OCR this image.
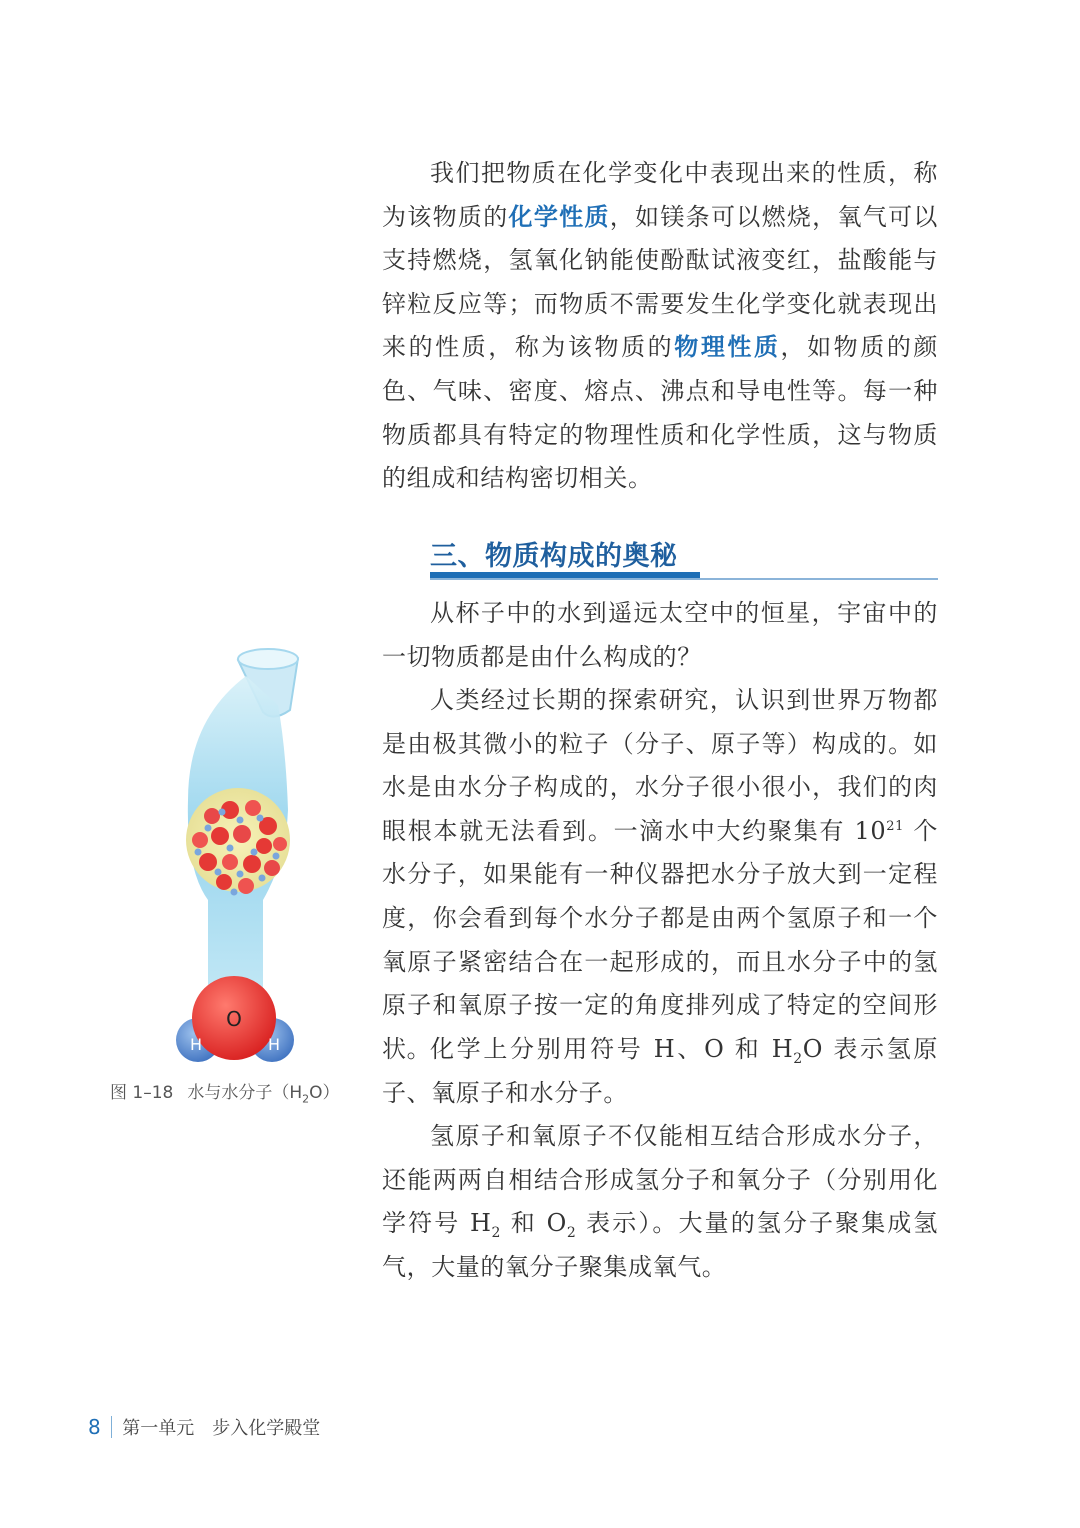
我们把物质在化学变化中表现出来的性质，称为该物质的化学性质，如镁条可以燃烧，氧气可以支持燃烧，氢氧化钠能使酚酞试液变红，盐酸能与锌粒反应等；而物质不需要发生化学变化就表现出来的性质，称为该物质的物理性质，如物质的颜色、气味、密度、熔点、沸点和导电性等。每一种物质都具有特定的物理性质和化学性质，这与物质的组成和结构密切相关。

三、物质构成的奥秘

从杯子中的水到遥远太空中的恒星，宇宙中的一切物质都是由什么构成的？

人类经过长期的探索研究，认识到世界万物都是由极其微小的粒子（分子、原子等）构成的。如水是由水分子构成的，水分子很小很小，我们的肉眼根本就无法看到。一滴水中大约聚集有 $10^{21}$ 个水分子，如果能有一种仪器把水分子放大到一定程度，你会看到每个水分子都是由两个氢原子和一个氧原子紧密结合在一起形成的，而且水分子中的氢原子和氧原子按一定的角度排列成了特定的空间形状。

化学上分别用符号 H、O 和 $H_2O$ 表示氢原子、氧原子和水分子。

氢原子和氧原子不仅能相互结合形成水分子，还能两两自相结合形成氢分子和氧分子（分别用化学符号 $H_2$ 和 $O_2$ 表示）。大量的氢分子聚集成氢气，大量的氧分子聚集成氧气。

O
H	H
图 1–18 水与水分子$(H_2O)$
8 第一单元 步入化学殿堂
